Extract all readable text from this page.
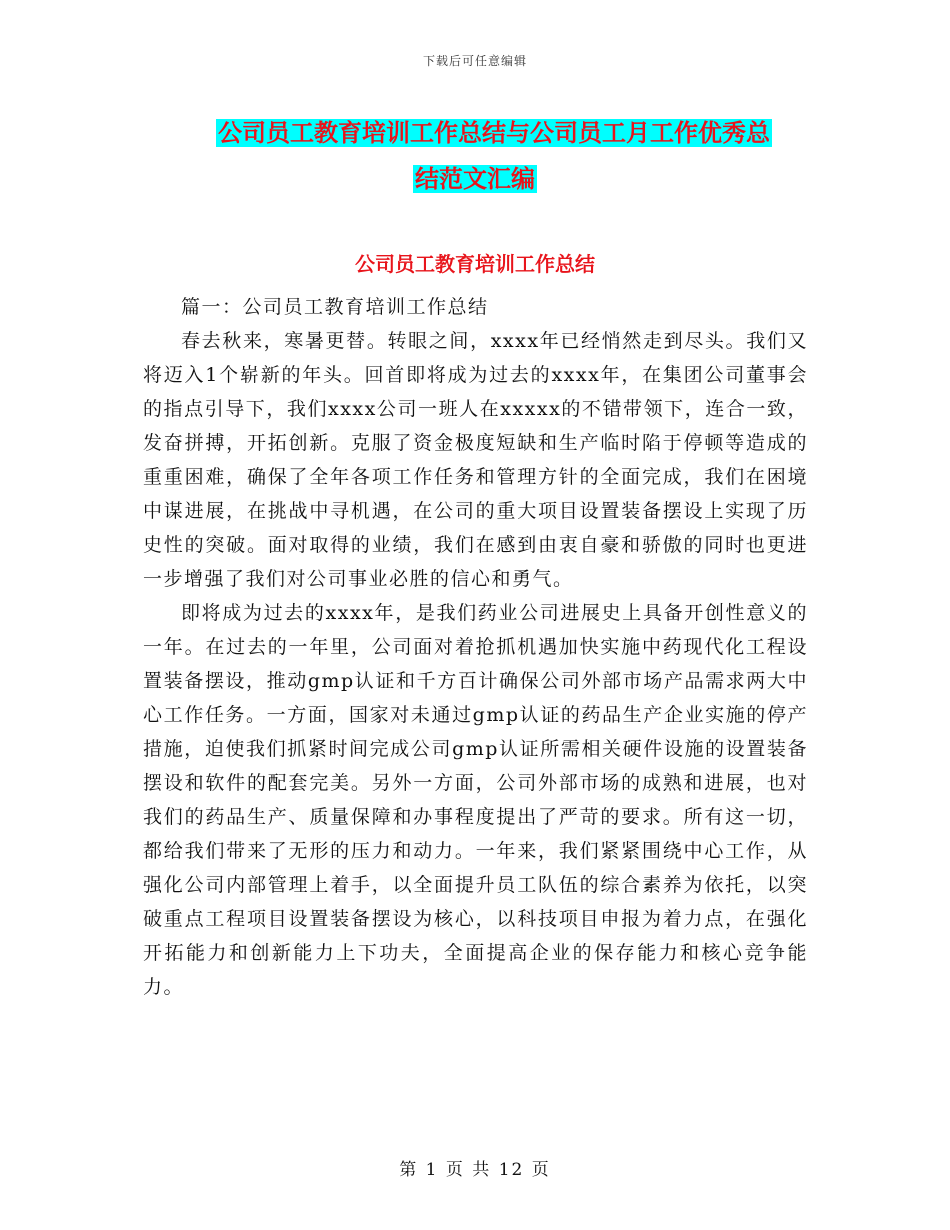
下载后可任意编辑
公司员工教育培训工作总结与公司员工月工作优秀总
结范文汇编
公司员工教育培训工作总结

篇一：公司员工教育培训工作总结

春去秋来，寒暑更替。转眼之间，xxxx年已经悄然走到尽头。我们又将迈入1个崭新的年头。回首即将成为过去的xxxx年，在集团公司董事会的指点引导下，我们xxxx公司一班人在xxxxx的不错带领下，连合一致，发奋拼搏，开拓创新。克服了资金极度短缺和生产临时陷于停顿等造成的重重困难，确保了全年各项工作任务和管理方针的全面完成，我们在困境中谋进展，在挑战中寻机遇，在公司的重大项目设置装备摆设上实现了历史性的突破。面对取得的业绩，我们在感到由衷自豪和骄傲的同时也更进一步增强了我们对公司事业必胜的信心和勇气。

即将成为过去的xxxx年，是我们药业公司进展史上具备开创性意义的一年。在过去的一年里，公司面对着抢抓机遇加快实施中药现代化工程设置装备摆设，推动gmp认证和千方百计确保公司外部市场产品需求两大中心工作任务。一方面，国家对未通过gmp认证的药品生产企业实施的停产措施，迫使我们抓紧时间完成公司gmp认证所需相关硬件设施的设置装备摆设和软件的配套完美。另外一方面，公司外部市场的成熟和进展，也对我们的药品生产、质量保障和办事程度提出了严苛的要求。所有这一切，都给我们带来了无形的压力和动力。一年来，我们紧紧围绕中心工作，从强化公司内部管理上着手，以全面提升员工队伍的综合素养为依托，以突破重点工程项目设置装备摆设为核心，以科技项目申报为着力点，在强化开拓能力和创新能力上下功夫，全面提高企业的保存能力和核心竞争能力。

第 1 页 共 12 页
